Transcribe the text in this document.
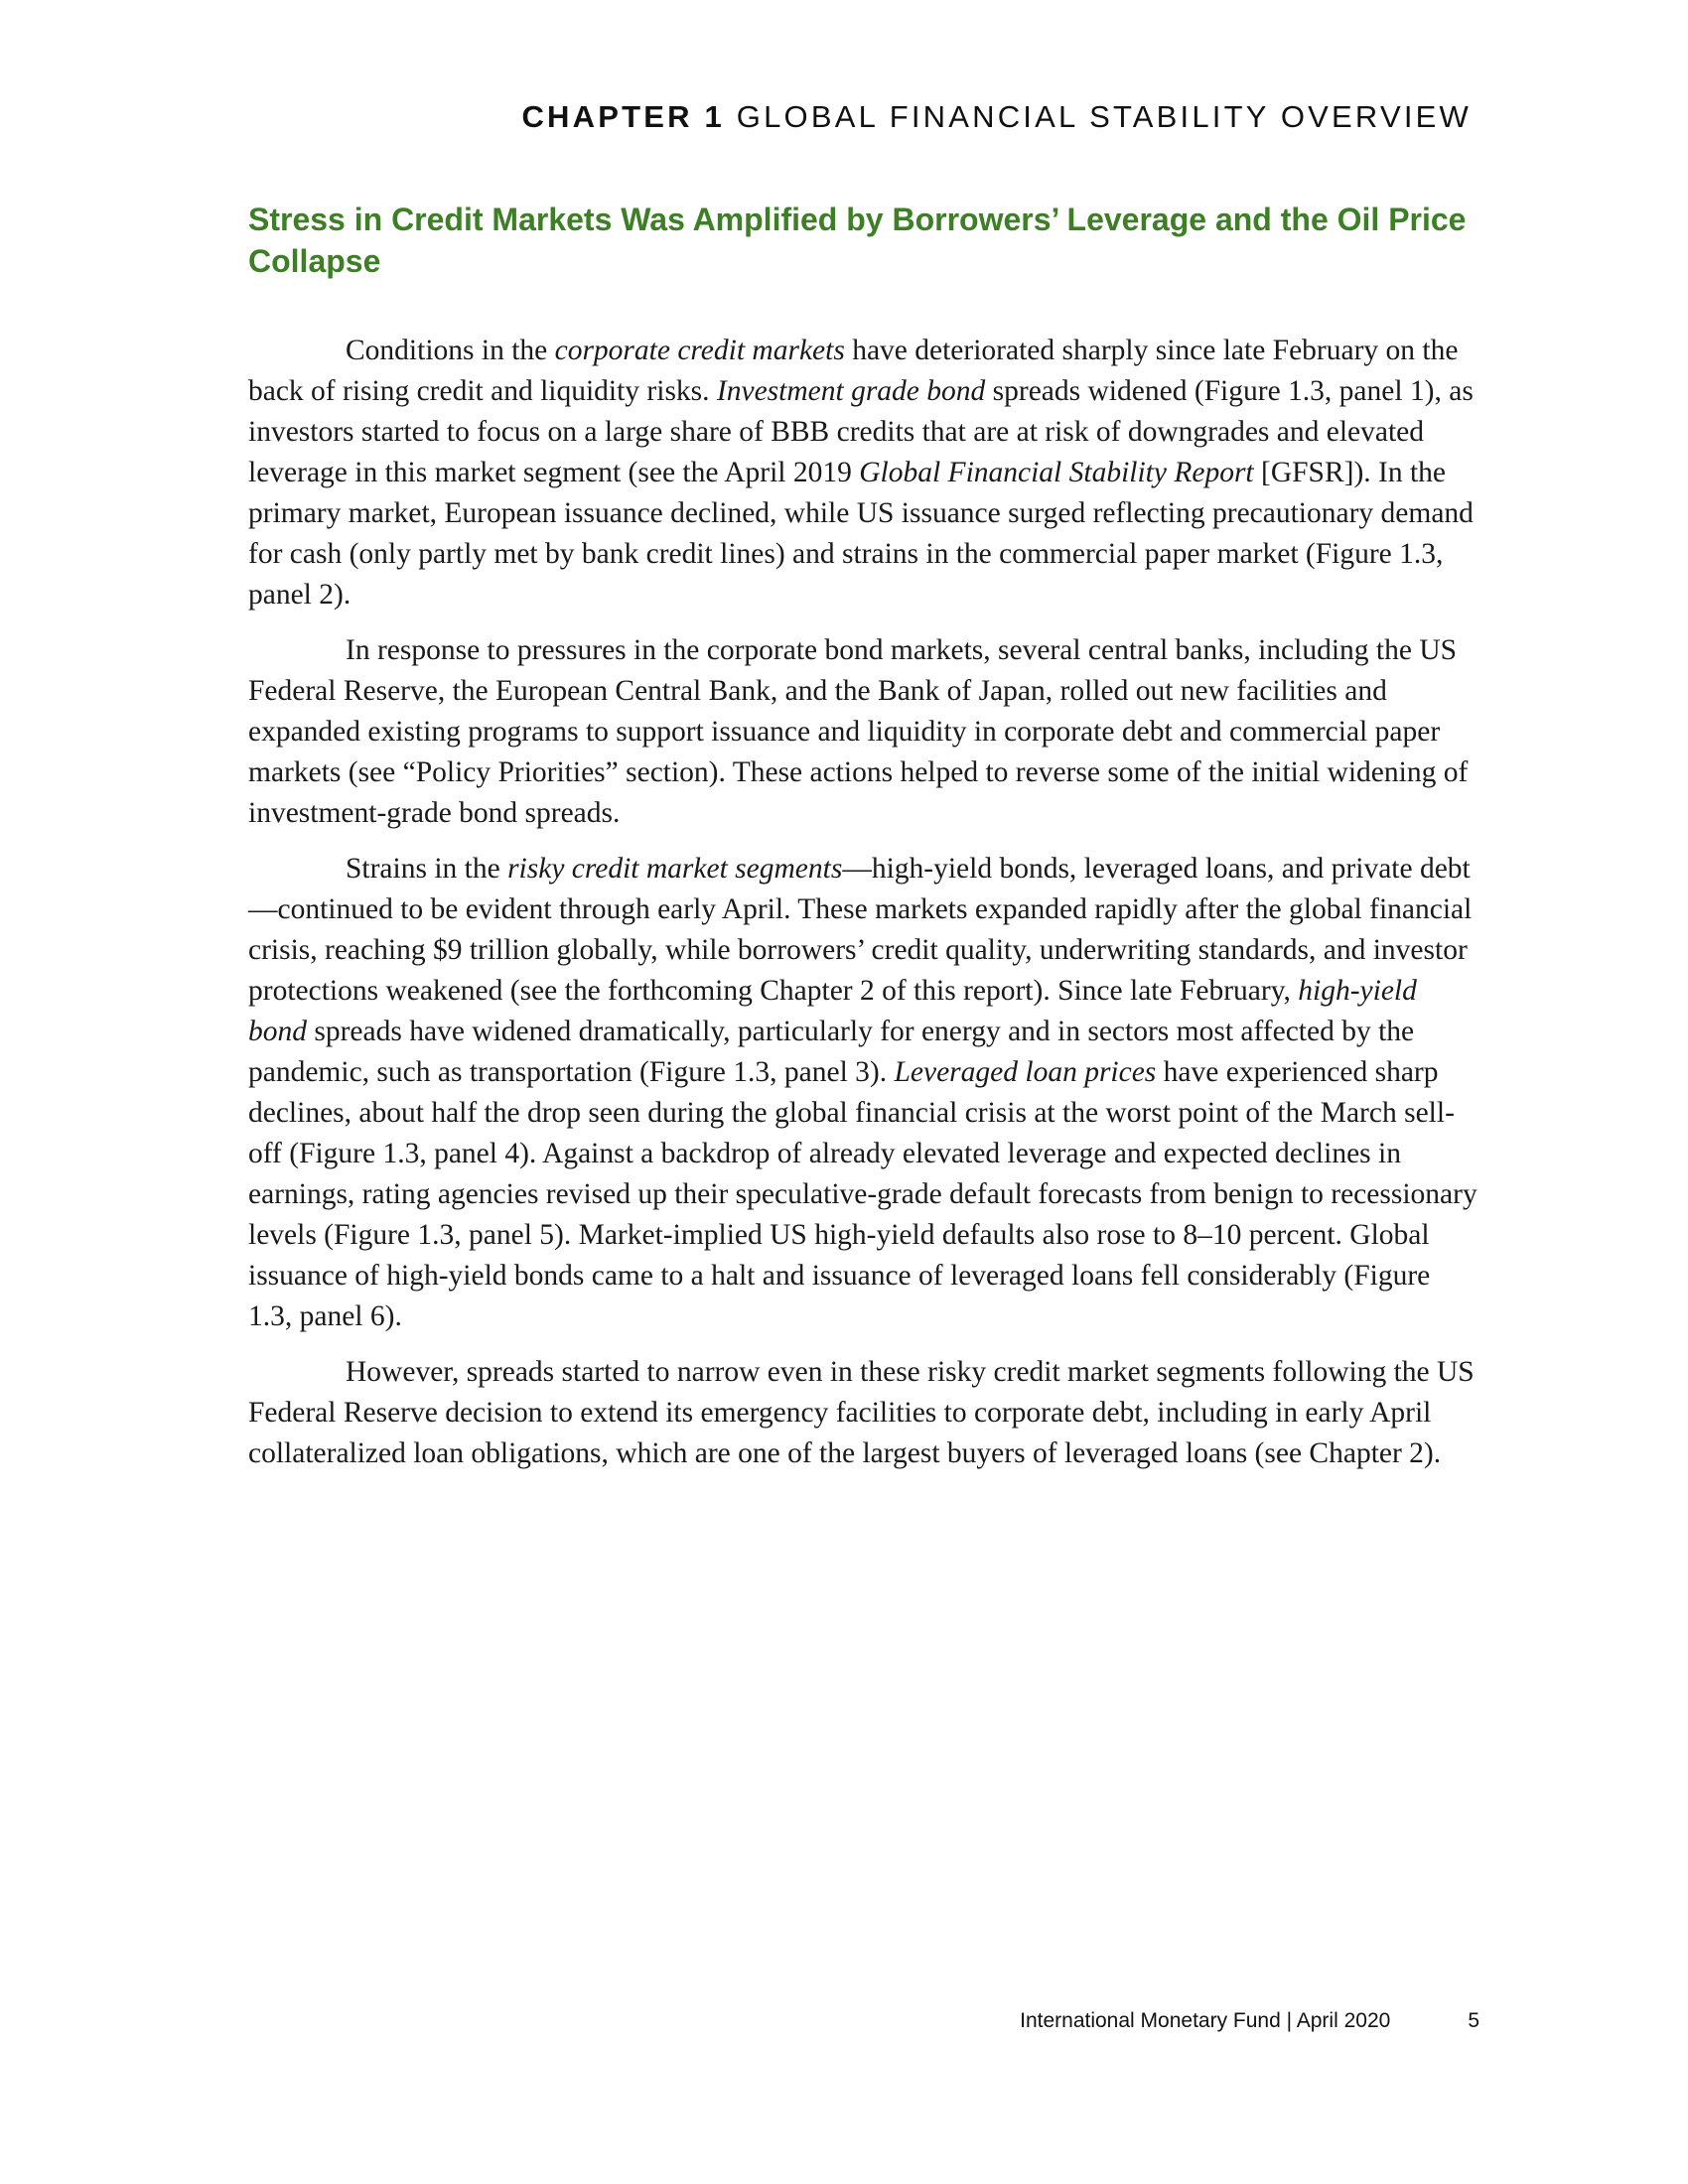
CHAPTER 1 GLOBAL FINANCIAL STABILITY OVERVIEW
Stress in Credit Markets Was Amplified by Borrowers’ Leverage and the Oil Price Collapse

Conditions in the corporate credit markets have deteriorated sharply since late February on the back of rising credit and liquidity risks. Investment grade bond spreads widened (Figure 1.3, panel 1), as investors started to focus on a large share of BBB credits that are at risk of downgrades and elevated leverage in this market segment (see the April 2019 Global Financial Stability Report [GFSR]). In the primary market, European issuance declined, while US issuance surged reflecting precautionary demand for cash (only partly met by bank credit lines) and strains in the commercial paper market (Figure 1.3, panel 2).

In response to pressures in the corporate bond markets, several central banks, including the US Federal Reserve, the European Central Bank, and the Bank of Japan, rolled out new facilities and expanded existing programs to support issuance and liquidity in corporate debt and commercial paper markets (see “Policy Priorities” section). These actions helped to reverse some of the initial widening of investment-grade bond spreads.

Strains in the risky credit market segments—high-yield bonds, leveraged loans, and private debt—continued to be evident through early April. These markets expanded rapidly after the global financial crisis, reaching $9 trillion globally, while borrowers’ credit quality, underwriting standards, and investor protections weakened (see the forthcoming Chapter 2 of this report). Since late February, high-yield bond spreads have widened dramatically, particularly for energy and in sectors most affected by the pandemic, such as transportation (Figure 1.3, panel 3). Leveraged loan prices have experienced sharp declines, about half the drop seen during the global financial crisis at the worst point of the March sell-off (Figure 1.3, panel 4). Against a backdrop of already elevated leverage and expected declines in earnings, rating agencies revised up their speculative-grade default forecasts from benign to recessionary levels (Figure 1.3, panel 5). Market-implied US high-yield defaults also rose to 8–10 percent. Global issuance of high-yield bonds came to a halt and issuance of leveraged loans fell considerably (Figure 1.3, panel 6).

However, spreads started to narrow even in these risky credit market segments following the US Federal Reserve decision to extend its emergency facilities to corporate debt, including in early April collateralized loan obligations, which are one of the largest buyers of leveraged loans (see Chapter 2).

International Monetary Fund | April 2020	5
